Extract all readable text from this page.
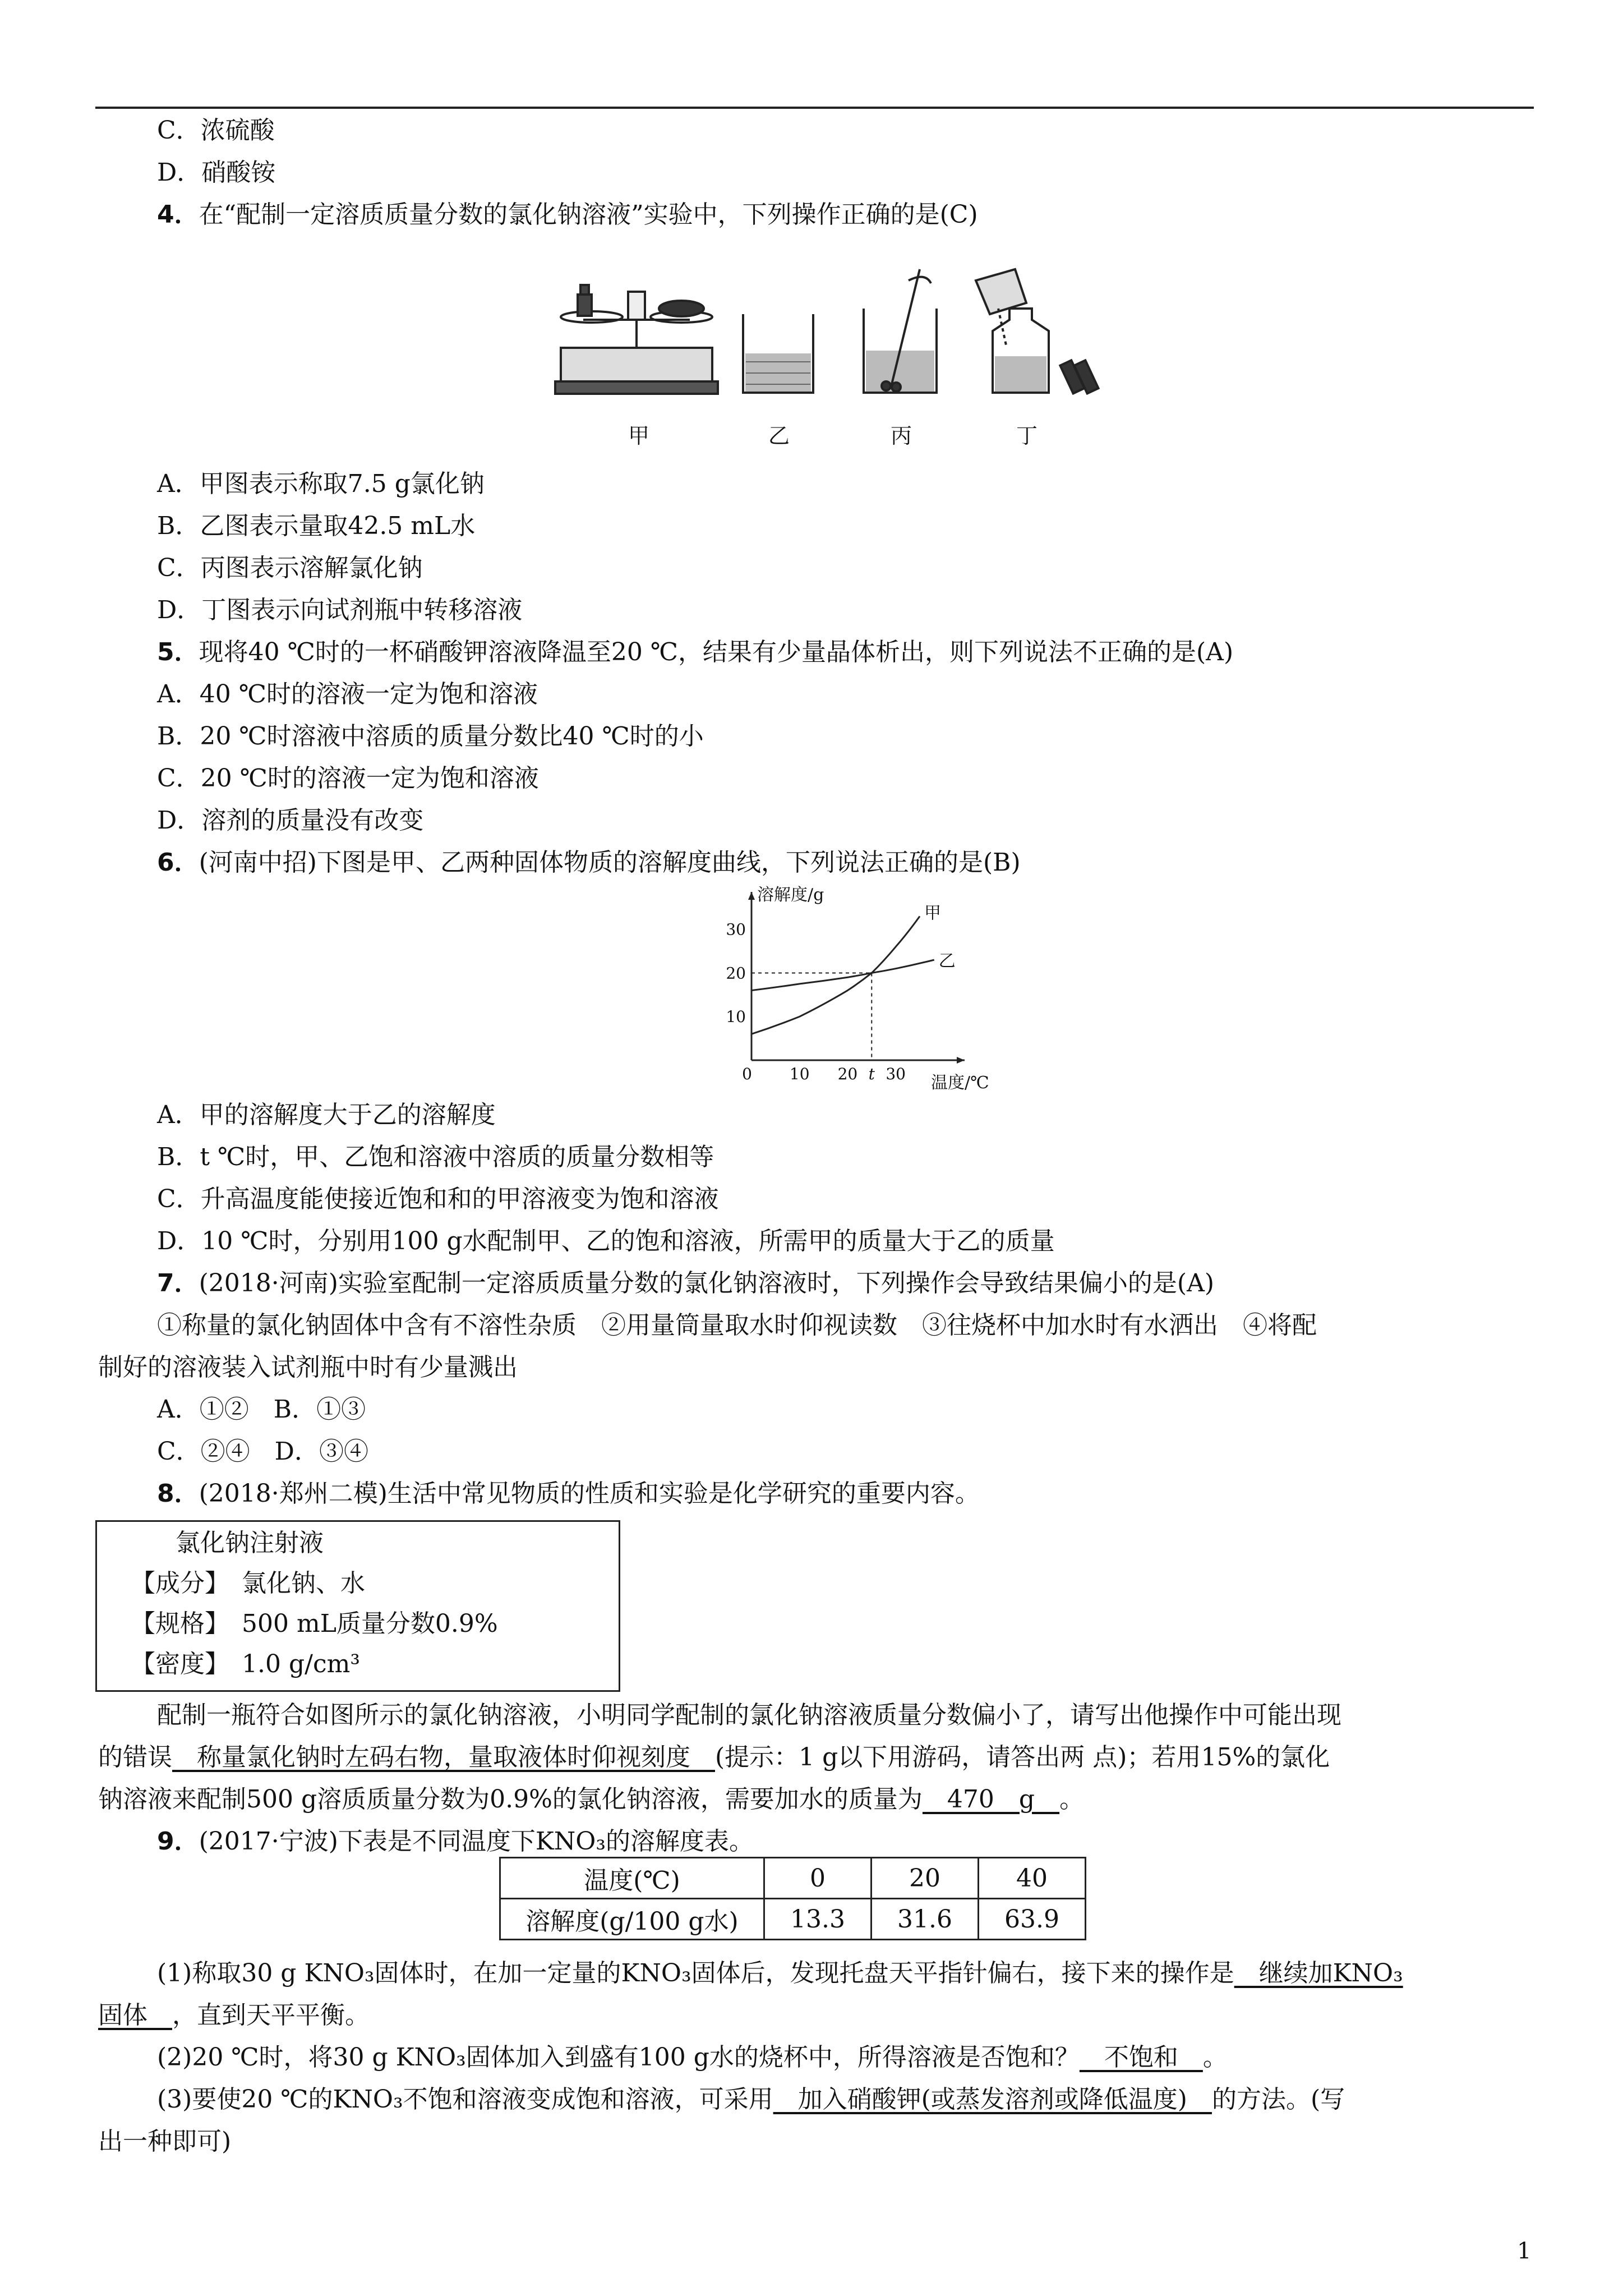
C．浓硫酸
D．硝酸铵
4．在“配制一定溶质质量分数的氯化钠溶液”实验中，下列操作正确的是(C)
甲	乙	丙	丁
A．甲图表示称取7.5 g氯化钠
B．乙图表示量取42.5 mL水
C．丙图表示溶解氯化钠
D．丁图表示向试剂瓶中转移溶液
5．现将40 ℃时的一杯硝酸钾溶液降温至20 ℃，结果有少量晶体析出，则下列说法不正确的是(A)
A．40 ℃时的溶液一定为饱和溶液
B．20 ℃时溶液中溶质的质量分数比40 ℃时的小
C．20 ℃时的溶液一定为饱和溶液
D．溶剂的质量没有改变
6．(河南中招)下图是甲、乙两种固体物质的溶解度曲线，下列说法正确的是(B)
溶解度/g
温度/℃
0 10 20 t 30
10
20
30
甲
乙
A．甲的溶解度大于乙的溶解度
B．t ℃时，甲、乙饱和溶液中溶质的质量分数相等
C．升高温度能使接近饱和和的甲溶液变为饱和溶液
D．10 ℃时，分别用100 g水配制甲、乙的饱和溶液，所需甲的质量大于乙的质量
7．(2018·河南)实验室配制一定溶质质量分数的氯化钠溶液时，下列操作会导致结果偏小的是(A)
①称量的氯化钠固体中含有不溶性杂质　②用量筒量取水时仰视读数　③往烧杯中加水时有水洒出　④将配
制好的溶液装入试剂瓶中时有少量溅出
A．①②　B．①③
C．②④　D．③④
8．(2018·郑州二模)生活中常见物质的性质和实验是化学研究的重要内容。
氯化钠注射液
【成分】　 氯化钠、水
【规格】　 500 mL质量分数0.9%
【密度】　 1.0 g/cm³
配制一瓶符合如图所示的氯化钠溶液，小明同学配制的氯化钠溶液质量分数偏小了，请写出他操作中可能出现
的错误　称量氯化钠时左码右物，量取液体时仰视刻度　(提示：1 g以下用游码，请答出两 点)；若用15%的氯化
钠溶液来配制500 g溶质质量分数为0.9%的氯化钠溶液，需要加水的质量为　470　g　。
9．(2017·宁波)下表是不同温度下KNO₃的溶解度表。
温度(℃)	0	20	40
溶解度(g/100 g水)	13.3	31.6	63.9
(1)称取30 g KNO₃固体时，在加一定量的KNO₃固体后，发现托盘天平指针偏右，接下来的操作是　继续加KNO₃
固体　，直到天平平衡。
(2)20 ℃时，将30 g KNO₃固体加入到盛有100 g水的烧杯中，所得溶液是否饱和？　不饱和　。
(3)要使20 ℃的KNO₃不饱和溶液变成饱和溶液，可采用　加入硝酸钾(或蒸发溶剂或降低温度)　的方法。(写
出一种即可)
1
